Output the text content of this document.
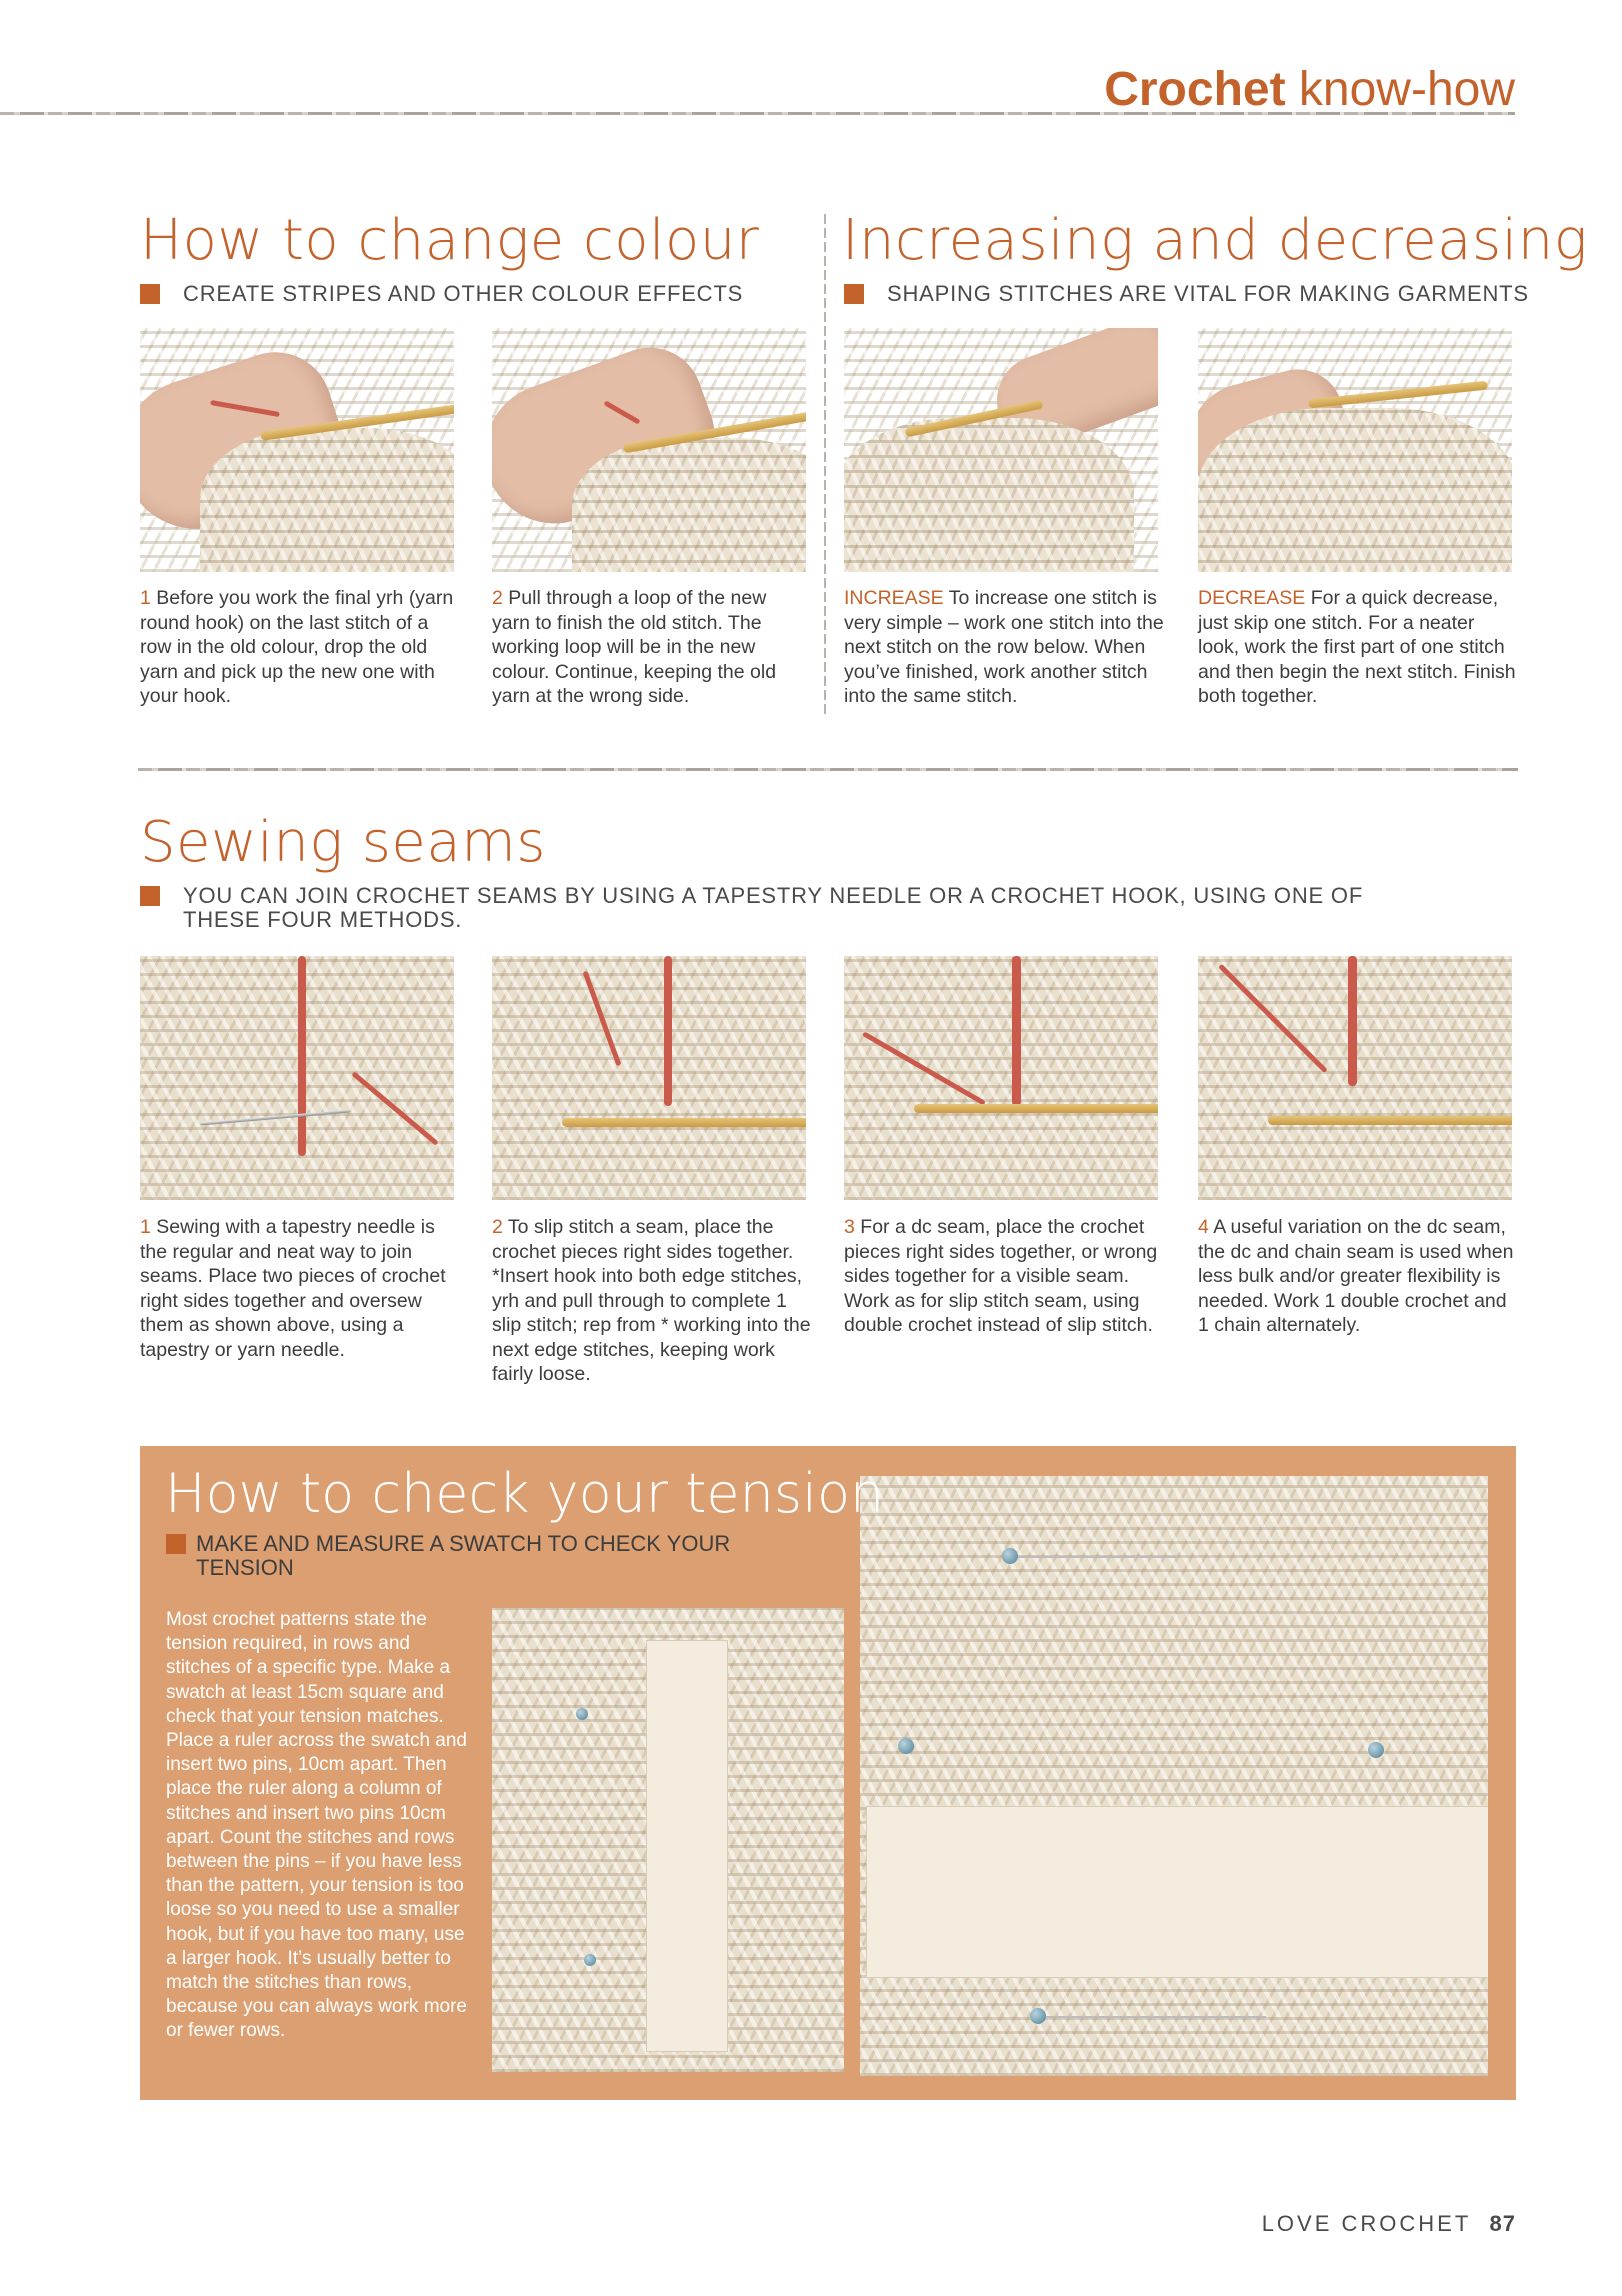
Crochet know-how
How to change colour
CREATE STRIPES AND OTHER COLOUR EFFECTS
1 Before you work the final yrh (yarn round hook) on the last stitch of a row in the old colour, drop the old yarn and pick up the new one with your hook.
2 Pull through a loop of the new yarn to finish the old stitch. The working loop will be in the new colour. Continue, keeping the old yarn at the wrong side.
Increasing and decreasing
SHAPING STITCHES ARE VITAL FOR MAKING GARMENTS
INCREASE To increase one stitch is very simple – work one stitch into the next stitch on the row below. When you’ve finished, work another stitch into the same stitch.
DECREASE For a quick decrease, just skip one stitch. For a neater look, work the first part of one stitch and then begin the next stitch. Finish both together.
Sewing seams
YOU CAN JOIN CROCHET SEAMS BY USING A TAPESTRY NEEDLE OR A CROCHET HOOK, USING ONE OF THESE FOUR METHODS.
1 Sewing with a tapestry needle is the regular and neat way to join seams. Place two pieces of crochet right sides together and oversew them as shown above, using a tapestry or yarn needle.
2 To slip stitch a seam, place the crochet pieces right sides together. *Insert hook into both edge stitches, yrh and pull through to complete 1 slip stitch; rep from * working into the next edge stitches, keeping work fairly loose.
3 For a dc seam, place the crochet pieces right sides together, or wrong sides together for a visible seam. Work as for slip stitch seam, using double crochet instead of slip stitch.
4 A useful variation on the dc seam, the dc and chain seam is used when less bulk and/or greater flexibility is needed. Work 1 double crochet and 1 chain alternately.
How to check your tension
MAKE AND MEASURE A SWATCH TO CHECK YOUR TENSION
Most crochet patterns state the tension required, in rows and stitches of a specific type. Make a swatch at least 15cm square and check that your tension matches. Place a ruler across the swatch and insert two pins, 10cm apart. Then place the ruler along a column of stitches and insert two pins 10cm apart. Count the stitches and rows between the pins – if you have less than the pattern, your tension is too loose so you need to use a smaller hook, but if you have too many, use a larger hook. It’s usually better to match the stitches than rows, because you can always work more or fewer rows.
LOVE CROCHET 87
